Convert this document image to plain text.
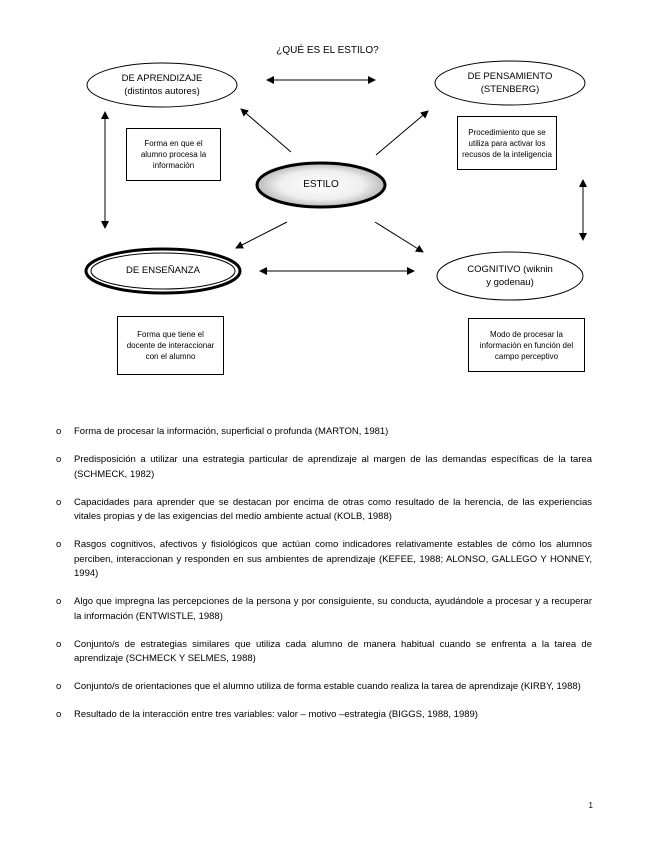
¿QUÉ ES EL ESTILO?
DE APRENDIZAJE
(distintos autores)
DE PENSAMIENTO
(STENBERG)
DE ENSEÑANZA	COGNITIVO (wiknin
y godenau)
ESTILO
Forma en que el alumno procesa la información
Procedimiento que se utiliza para activar los recusos de la inteligencia
Forma que tiene el docente de interaccionar con el alumno
Modo de procesar la información en función del campo perceptivo
o Forma de procesar la información, superficial o profunda (MARTON, 1981)
o Predisposición a utilizar una estrategia particular de aprendizaje al margen de las demandas específicas de la tarea (SCHMECK, 1982)
o Capacidades para aprender que se destacan por encima de otras como resultado de la herencia, de las experiencias vitales propias y de las exigencias del medio ambiente actual (KOLB, 1988)
o Rasgos cognitivos, afectivos y fisiológicos que actúan como indicadores relativamente estables de cómo los alumnos perciben, interaccionan y responden en sus ambientes de aprendizaje (KEFEE, 1988; ALONSO, GALLEGO Y HONNEY, 1994)
o Algo que impregna las percepciones de la persona y por consiguiente, su conducta, ayudándole a procesar y a recuperar la información (ENTWISTLE, 1988)
o Conjunto/s de estrategias similares que utiliza cada alumno de manera habitual cuando se enfrenta a la tarea de aprendizaje (SCHMECK Y SELMES, 1988)
o Conjunto/s de orientaciones que el alumno utiliza de forma estable cuando realiza la tarea de aprendizaje (KIRBY, 1988)
o Resultado de la interacción entre tres variables: valor – motivo –estrategia (BIGGS, 1988, 1989)
1
